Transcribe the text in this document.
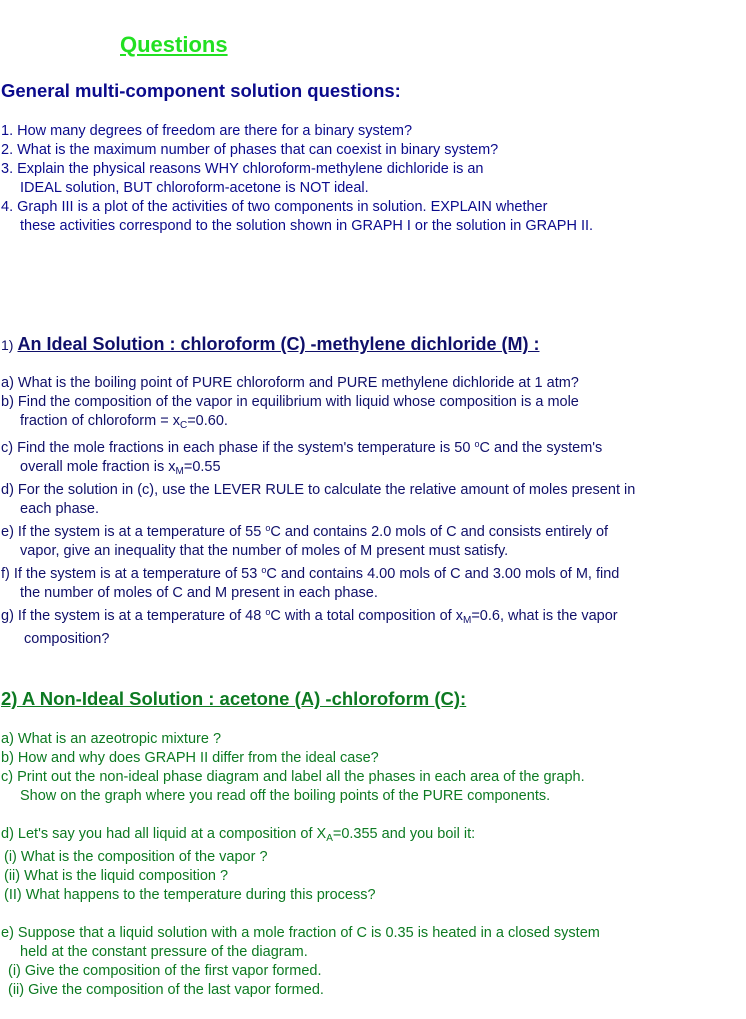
Questions
General multi-component solution questions:
1. How many degrees of freedom are there for a binary system?
2. What is the maximum number of phases that can coexist in binary system?
3. Explain the physical reasons WHY chloroform-methylene dichloride is an
IDEAL solution, BUT chloroform-acetone is NOT ideal.
4. Graph III is a plot of the activities of two components in solution. EXPLAIN whether
these activities correspond to the solution shown in GRAPH I or the solution in GRAPH II.
1) An Ideal Solution : chloroform (C) -methylene dichloride (M) :
a) What is the boiling point of PURE chloroform and PURE methylene dichloride at 1 atm?
b) Find the composition of the vapor in equilibrium with liquid whose composition is a mole
fraction of chloroform = $x_C=0.60$.
c) Find the mole fractions in each phase if the system's temperature is 50 $^o$C and the system's
overall mole fraction is $x_M=0.55$
d) For the solution in (c), use the LEVER RULE to calculate the relative amount of moles present in
each phase.
e) If the system is at a temperature of 55 $^o$C and contains 2.0 mols of C and consists entirely of
vapor, give an inequality that the number of moles of M present must satisfy.
f) If the system is at a temperature of 53 $^o$C and contains 4.00 mols of C and 3.00 mols of M, find
the number of moles of C and M present in each phase.
g) If the system is at a temperature of 48 $^o$C with a total composition of $x_M=0.6$, what is the vapor
composition?
2) A Non-Ideal Solution : acetone (A) -chloroform (C):
a) What is an azeotropic mixture ?
b) How and why does GRAPH II differ from the ideal case?
c) Print out the non-ideal phase diagram and label all the phases in each area of the graph.
Show on the graph where you read off the boiling points of the PURE components.
d) Let's say you had all liquid at a composition of $X_A=0.355$ and you boil it:
(i) What is the composition of the vapor ?
(ii) What is the liquid composition ?
(II) What happens to the temperature during this process?
e) Suppose that a liquid solution with a mole fraction of C is 0.35 is heated in a closed system
held at the constant pressure of the diagram.
(i) Give the composition of the first vapor formed.
(ii) Give the composition of the last vapor formed.
